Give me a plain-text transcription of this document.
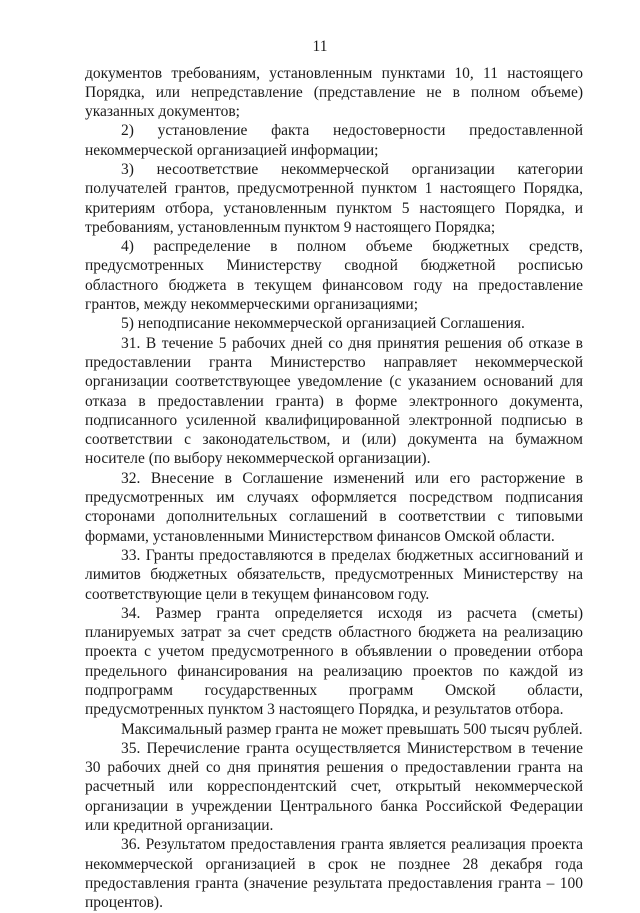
11

документов требованиям, установленным пунктами 10, 11 настоящего Порядка, или непредставление (представление не в полном объеме) указанных документов;

2) установление факта недостоверности предоставленной некоммерческой организацией информации;

3) несоответствие некоммерческой организации категории получателей грантов, предусмотренной пунктом 1 настоящего Порядка, критериям отбора, установленным пунктом 5 настоящего Порядка, и требованиям, установленным пунктом 9 настоящего Порядка;

4) распределение в полном объеме бюджетных средств, предусмотренных Министерству сводной бюджетной росписью областного бюджета в текущем финансовом году на предоставление грантов, между некоммерческими организациями;

5) неподписание некоммерческой организацией Соглашения.

31. В течение 5 рабочих дней со дня принятия решения об отказе в предоставлении гранта Министерство направляет некоммерческой организации соответствующее уведомление (с указанием оснований для отказа в предоставлении гранта) в форме электронного документа, подписанного усиленной квалифицированной электронной подписью в соответствии с законодательством, и (или) документа на бумажном носителе (по выбору некоммерческой организации).

32. Внесение в Соглашение изменений или его расторжение в предусмотренных им случаях оформляется посредством подписания сторонами дополнительных соглашений в соответствии с типовыми формами, установленными Министерством финансов Омской области.

33. Гранты предоставляются в пределах бюджетных ассигнований и лимитов бюджетных обязательств, предусмотренных Министерству на соответствующие цели в текущем финансовом году.

34. Размер гранта определяется исходя из расчета (сметы) планируемых затрат за счет средств областного бюджета на реализацию проекта с учетом предусмотренного в объявлении о проведении отбора предельного финансирования на реализацию проектов по каждой из подпрограмм государственных программ Омской области, предусмотренных пунктом 3 настоящего Порядка, и результатов отбора.

Максимальный размер гранта не может превышать 500 тысяч рублей.

35. Перечисление гранта осуществляется Министерством в течение 30 рабочих дней со дня принятия решения о предоставлении гранта на расчетный или корреспондентский счет, открытый некоммерческой организации в учреждении Центрального банка Российской Федерации или кредитной организации.

36. Результатом предоставления гранта является реализация проекта некоммерческой организацией в срок не позднее 28 декабря года предоставления гранта (значение результата предоставления гранта – 100 процентов).
